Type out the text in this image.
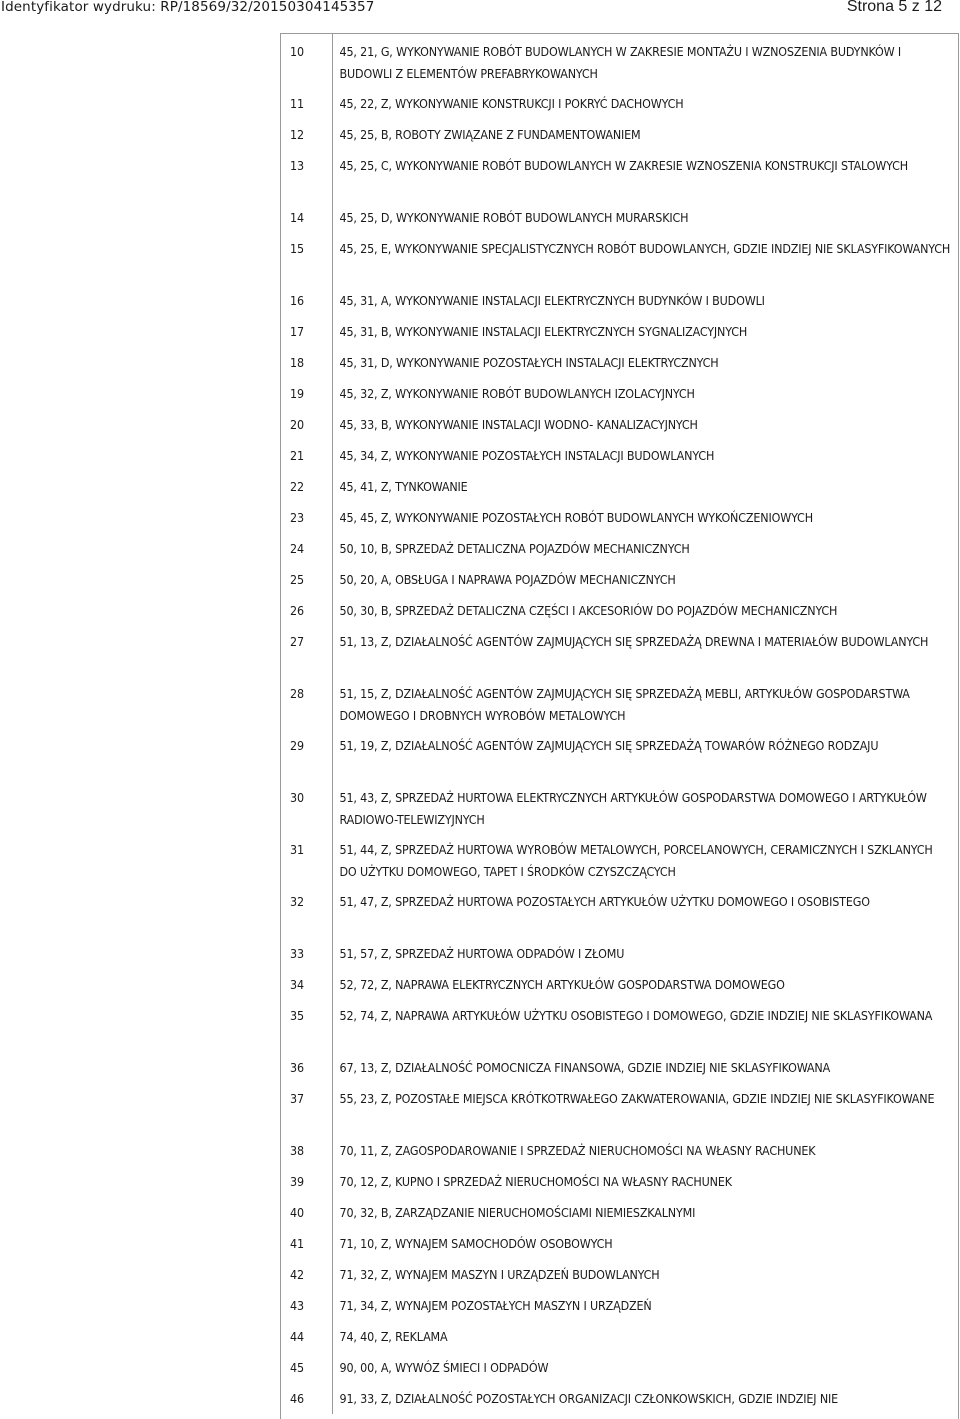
Identyfikator wydruku: RP/18569/32/20150304145357	Strona 5 z 12
10	45, 21, G, WYKONYWANIE ROBÓT BUDOWLANYCH W ZAKRESIE MONTAŻU I WZNOSZENIA BUDYNKÓW I BUDOWLI Z ELEMENTÓW PREFABRYKOWANYCH
11	45, 22, Z, WYKONYWANIE KONSTRUKCJI I POKRYĆ DACHOWYCH
12	45, 25, B, ROBOTY ZWIĄZANE Z FUNDAMENTOWANIEM
13	45, 25, C, WYKONYWANIE ROBÓT BUDOWLANYCH W ZAKRESIE WZNOSZENIA KONSTRUKCJI STALOWYCH
14	45, 25, D, WYKONYWANIE ROBÓT BUDOWLANYCH MURARSKICH
15	45, 25, E, WYKONYWANIE SPECJALISTYCZNYCH ROBÓT BUDOWLANYCH, GDZIE INDZIEJ NIE SKLASYFIKOWANYCH
16	45, 31, A, WYKONYWANIE INSTALACJI ELEKTRYCZNYCH BUDYNKÓW I BUDOWLI
17	45, 31, B, WYKONYWANIE INSTALACJI ELEKTRYCZNYCH SYGNALIZACYJNYCH
18	45, 31, D, WYKONYWANIE POZOSTAŁYCH INSTALACJI ELEKTRYCZNYCH
19	45, 32, Z, WYKONYWANIE ROBÓT BUDOWLANYCH IZOLACYJNYCH
20	45, 33, B, WYKONYWANIE INSTALACJI WODNO- KANALIZACYJNYCH
21	45, 34, Z, WYKONYWANIE POZOSTAŁYCH INSTALACJI BUDOWLANYCH
22	45, 41, Z, TYNKOWANIE
23	45, 45, Z, WYKONYWANIE POZOSTAŁYCH ROBÓT BUDOWLANYCH WYKOŃCZENIOWYCH
24	50, 10, B, SPRZEDAŻ DETALICZNA POJAZDÓW MECHANICZNYCH
25	50, 20, A, OBSŁUGA I NAPRAWA POJAZDÓW MECHANICZNYCH
26	50, 30, B, SPRZEDAŻ DETALICZNA CZĘŚCI I AKCESORIÓW DO POJAZDÓW MECHANICZNYCH
27	51, 13, Z, DZIAŁALNOŚĆ AGENTÓW ZAJMUJĄCYCH SIĘ SPRZEDAŻĄ DREWNA I MATERIAŁÓW BUDOWLANYCH
28	51, 15, Z, DZIAŁALNOŚĆ AGENTÓW ZAJMUJĄCYCH SIĘ SPRZEDAŻĄ MEBLI, ARTYKUŁÓW GOSPODARSTWA DOMOWEGO I DROBNYCH WYROBÓW METALOWYCH
29	51, 19, Z, DZIAŁALNOŚĆ AGENTÓW ZAJMUJĄCYCH SIĘ SPRZEDAŻĄ TOWARÓW RÓŻNEGO RODZAJU
30	51, 43, Z, SPRZEDAŻ HURTOWA ELEKTRYCZNYCH ARTYKUŁÓW GOSPODARSTWA DOMOWEGO I ARTYKUŁÓW RADIOWO-TELEWIZYJNYCH
31	51, 44, Z, SPRZEDAŻ HURTOWA WYROBÓW METALOWYCH, PORCELANOWYCH, CERAMICZNYCH I SZKLANYCH DO UŻYTKU DOMOWEGO, TAPET I ŚRODKÓW CZYSZCZĄCYCH
32	51, 47, Z, SPRZEDAŻ HURTOWA POZOSTAŁYCH ARTYKUŁÓW UŻYTKU DOMOWEGO I OSOBISTEGO
33	51, 57, Z, SPRZEDAŻ HURTOWA ODPADÓW I ZŁOMU
34	52, 72, Z, NAPRAWA ELEKTRYCZNYCH ARTYKUŁÓW GOSPODARSTWA DOMOWEGO
35	52, 74, Z, NAPRAWA ARTYKUŁÓW UŻYTKU OSOBISTEGO I DOMOWEGO, GDZIE INDZIEJ NIE SKLASYFIKOWANA
36	67, 13, Z, DZIAŁALNOŚĆ POMOCNICZA FINANSOWA, GDZIE INDZIEJ NIE SKLASYFIKOWANA
37	55, 23, Z, POZOSTAŁE MIEJSCA KRÓTKOTRWAŁEGO ZAKWATEROWANIA, GDZIE INDZIEJ NIE SKLASYFIKOWANE
38	70, 11, Z, ZAGOSPODAROWANIE I SPRZEDAŻ NIERUCHOMOŚCI NA WŁASNY RACHUNEK
39	70, 12, Z, KUPNO I SPRZEDAŻ NIERUCHOMOŚCI NA WŁASNY RACHUNEK
40	70, 32, B, ZARZĄDZANIE NIERUCHOMOŚCIAMI NIEMIESZKALNYMI
41	71, 10, Z, WYNAJEM SAMOCHODÓW OSOBOWYCH
42	71, 32, Z, WYNAJEM MASZYN I URZĄDZEŃ BUDOWLANYCH
43	71, 34, Z, WYNAJEM POZOSTAŁYCH MASZYN I URZĄDZEŃ
44	74, 40, Z, REKLAMA
45	90, 00, A, WYWÓZ ŚMIECI I ODPADÓW
46	91, 33, Z, DZIAŁALNOŚĆ POZOSTAŁYCH ORGANIZACJI CZŁONKOWSKICH, GDZIE INDZIEJ NIE
